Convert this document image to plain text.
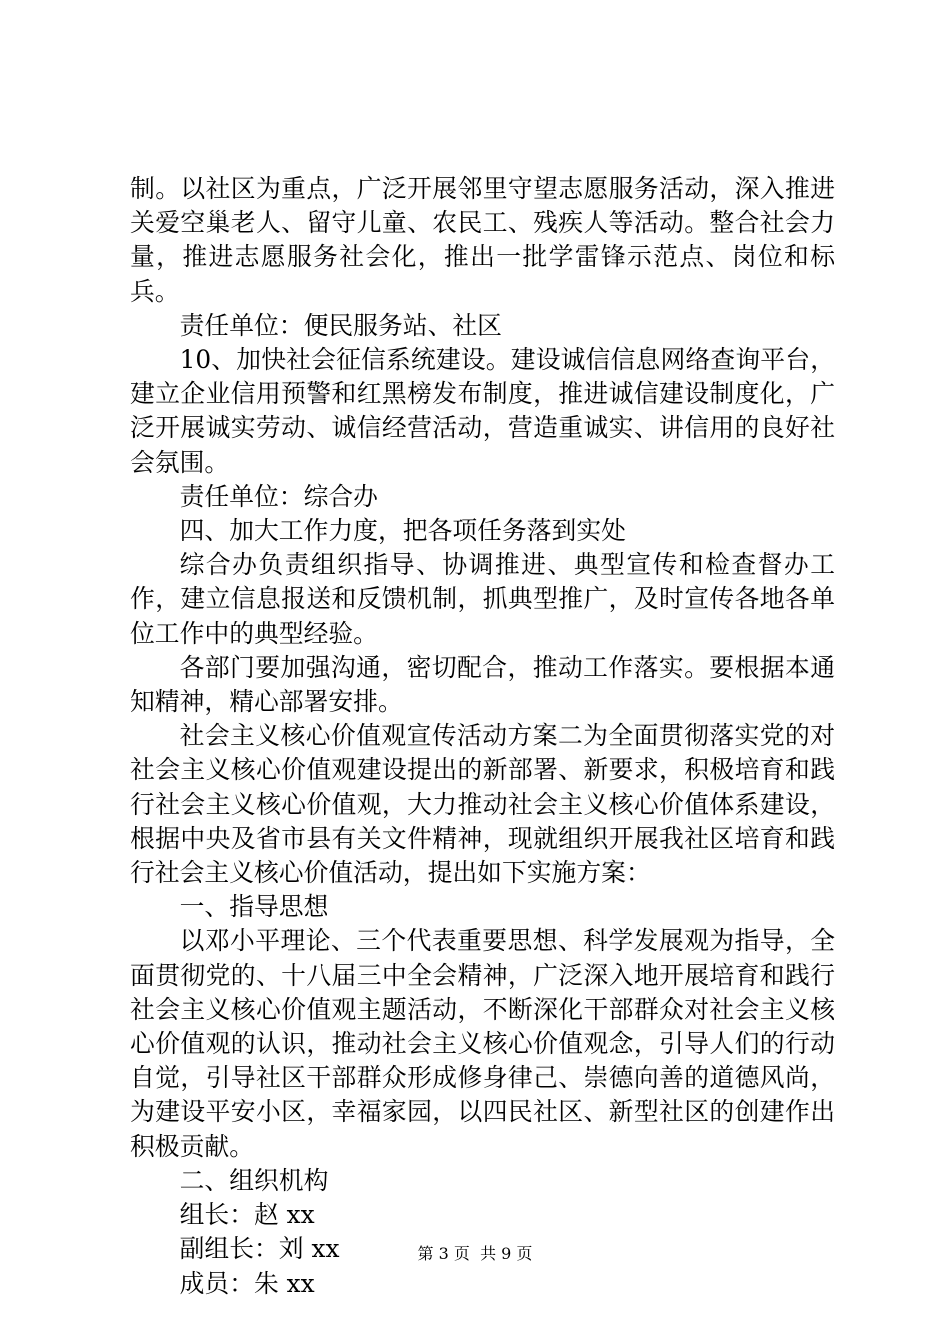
制。以社区为重点，广泛开展邻里守望志愿服务活动，深入推进关爱空巢老人、留守儿童、农民工、残疾人等活动。整合社会力量，推进志愿服务社会化，推出一批学雷锋示范点、岗位和标兵。

责任单位：便民服务站、社区

10、加快社会征信系统建设。建设诚信信息网络查询平台，建立企业信用预警和红黑榜发布制度，推进诚信建设制度化，广泛开展诚实劳动、诚信经营活动，营造重诚实、讲信用的良好社会氛围。

责任单位：综合办

四、加大工作力度，把各项任务落到实处

综合办负责组织指导、协调推进、典型宣传和检查督办工作，建立信息报送和反馈机制，抓典型推广，及时宣传各地各单位工作中的典型经验。

各部门要加强沟通，密切配合，推动工作落实。要根据本通知精神，精心部署安排。

社会主义核心价值观宣传活动方案二为全面贯彻落实党的对社会主义核心价值观建设提出的新部署、新要求，积极培育和践行社会主义核心价值观，大力推动社会主义核心价值体系建设，根据中央及省市县有关文件精神，现就组织开展我社区培育和践行社会主义核心价值活动，提出如下实施方案：

一、指导思想

以邓小平理论、三个代表重要思想、科学发展观为指导，全面贯彻党的、十八届三中全会精神，广泛深入地开展培育和践行社会主义核心价值观主题活动，不断深化干部群众对社会主义核心价值观的认识，推动社会主义核心价值观念，引导人们的行动自觉，引导社区干部群众形成修身律己、崇德向善的道德风尚，为建设平安小区，幸福家园，以四民社区、新型社区的创建作出积极贡献。

二、组织机构

组长：赵 xx

副组长：刘 xx

成员：朱 xx

第 3 页  共 9 页
